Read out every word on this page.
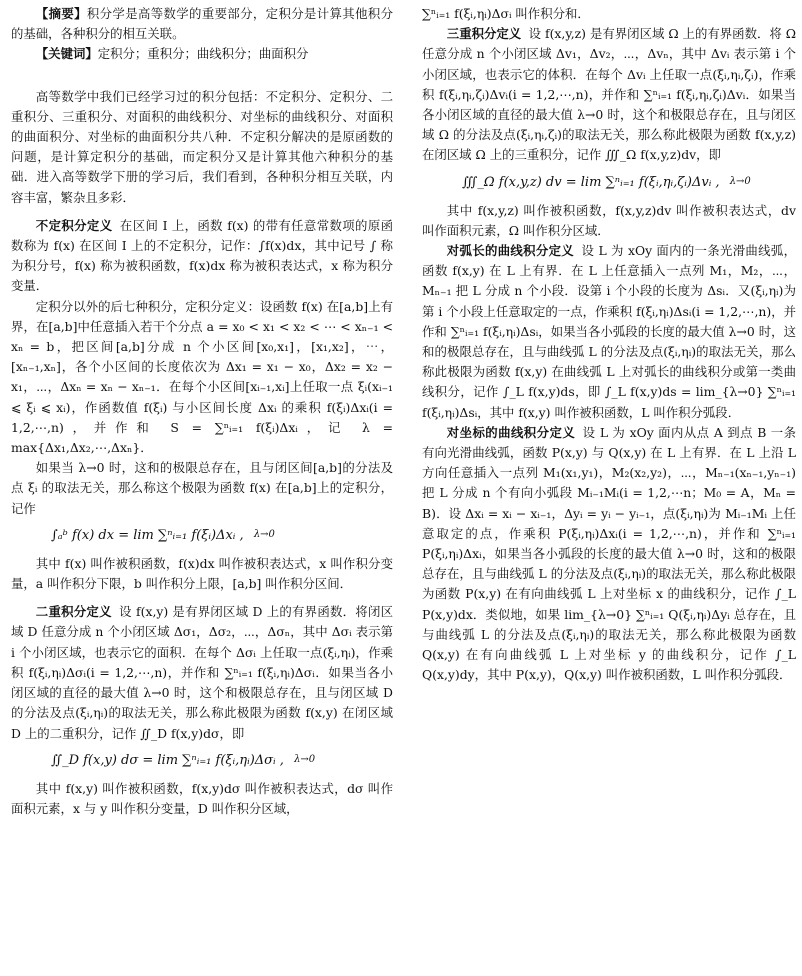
【摘要】积分学是高等数学的重要部分，定积分是计算其他积分的基础，各种积分的相互关联。

【关键词】定积分；重积分；曲线积分；曲面积分

高等数学中我们已经学习过的积分包括：不定积分、定积分、二重积分、三重积分、对面积的曲线积分、对坐标的曲线积分、对面积的曲面积分、对坐标的曲面积分共八种．不定积分解决的是原函数的问题，是计算定积分的基础，而定积分又是计算其他六种积分的基础．进入高等数学下册的学习后，我们看到，各种积分相互关联，内容丰富，繁杂且多彩．

不定积分定义 在区间 I 上，函数 f(x) 的带有任意常数项的原函数称为 f(x) 在区间 I 上的不定积分，记作：∫f(x)dx，其中记号 ∫ 称为积分号，f(x) 称为被积函数，f(x)dx 称为被积表达式，x 称为积分变量．

定积分以外的后七种积分，定积分定义：设函数 f(x) 在[a,b]上有界，在[a,b]中任意插入若干个分点 a = x₀ < x₁ < x₂ < ⋯ < xₙ₋₁ < xₙ = b，把区间[a,b]分成 n 个小区间[x₀,x₁]，[x₁,x₂]，⋯，[xₙ₋₁,xₙ]，各个小区间的长度依次为 Δx₁ = x₁ − x₀，Δx₂ = x₂ − x₁，⋯，Δxₙ = xₙ − xₙ₋₁．在每个小区间[xᵢ₋₁,xᵢ]上任取一点 ξᵢ(xᵢ₋₁ ⩽ ξᵢ ⩽ xᵢ)，作函数值 f(ξᵢ) 与小区间长度 Δxᵢ 的乘积 f(ξᵢ)Δxᵢ(i = 1,2,⋯,n)，并作和 S = ∑ⁿᵢ₌₁ f(ξᵢ)Δxᵢ，记 λ = max{Δx₁,Δx₂,⋯,Δxₙ}．

如果当 λ→0 时，这和的极限总存在，且与闭区间[a,b]的分法及点 ξᵢ 的取法无关，那么称这个极限为函数 f(x) 在[a,b]上的定积分，记作

∫ₐᵇ f(x) dx = lim ∑ⁿᵢ₌₁ f(ξᵢ)Δxᵢ , λ→0

其中 f(x) 叫作被积函数，f(x)dx 叫作被积表达式，x 叫作积分变量，a 叫作积分下限，b 叫作积分上限，[a,b] 叫作积分区间．

二重积分定义 设 f(x,y) 是有界闭区域 D 上的有界函数．将闭区域 D 任意分成 n 个小闭区域 Δσ₁，Δσ₂，⋯，Δσₙ，其中 Δσᵢ 表示第 i 个小闭区域，也表示它的面积．在每个 Δσᵢ 上任取一点(ξᵢ,ηᵢ)，作乘积 f(ξᵢ,ηᵢ)Δσᵢ(i = 1,2,⋯,n)，并作和 ∑ⁿᵢ₌₁ f(ξᵢ,ηᵢ)Δσᵢ．如果当各小闭区域的直径的最大值 λ→0 时，这个和极限总存在，且与闭区域 D 的分法及点(ξᵢ,ηᵢ)的取法无关，那么称此极限为函数 f(x,y) 在闭区域 D 上的二重积分，记作 ∬_D f(x,y)dσ，即

∬_D f(x,y) dσ = lim ∑ⁿᵢ₌₁ f(ξᵢ,ηᵢ)Δσᵢ , λ→0

其中 f(x,y) 叫作被积函数，f(x,y)dσ 叫作被积表达式，dσ 叫作面积元素，x 与 y 叫作积分变量，D 叫作积分区域，

∑ⁿᵢ₌₁ f(ξᵢ,ηᵢ)Δσᵢ 叫作积分和．

三重积分定义 设 f(x,y,z) 是有界闭区域 Ω 上的有界函数．将 Ω 任意分成 n 个小闭区域 Δv₁，Δv₂，⋯，Δvₙ，其中 Δvᵢ 表示第 i 个小闭区域，也表示它的体积．在每个 Δvᵢ 上任取一点(ξᵢ,ηᵢ,ζᵢ)，作乘积 f(ξᵢ,ηᵢ,ζᵢ)Δvᵢ(i = 1,2,⋯,n)，并作和 ∑ⁿᵢ₌₁ f(ξᵢ,ηᵢ,ζᵢ)Δvᵢ．如果当各小闭区域的直径的最大值 λ→0 时，这个和极限总存在，且与闭区域 Ω 的分法及点(ξᵢ,ηᵢ,ζᵢ)的取法无关，那么称此极限为函数 f(x,y,z) 在闭区域 Ω 上的三重积分，记作 ∭_Ω f(x,y,z)dv，即

∭_Ω f(x,y,z) dv = lim ∑ⁿᵢ₌₁ f(ξᵢ,ηᵢ,ζᵢ)Δvᵢ , λ→0

其中 f(x,y,z) 叫作被积函数，f(x,y,z)dv 叫作被积表达式，dv 叫作面积元素，Ω 叫作积分区域．

对弧长的曲线积分定义 设 L 为 xOy 面内的一条光滑曲线弧，函数 f(x,y) 在 L 上有界．在 L 上任意插入一点列 M₁，M₂，⋯，Mₙ₋₁ 把 L 分成 n 个小段．设第 i 个小段的长度为 Δsᵢ．又(ξᵢ,ηᵢ)为第 i 个小段上任意取定的一点，作乘积 f(ξᵢ,ηᵢ)Δsᵢ(i = 1,2,⋯,n)，并作和 ∑ⁿᵢ₌₁ f(ξᵢ,ηᵢ)Δsᵢ，如果当各小弧段的长度的最大值 λ→0 时，这和的极限总存在，且与曲线弧 L 的分法及点(ξᵢ,ηᵢ)的取法无关，那么称此极限为函数 f(x,y) 在曲线弧 L 上对弧长的曲线积分或第一类曲线积分，记作 ∫_L f(x,y)ds，即 ∫_L f(x,y)ds = lim_{λ→0} ∑ⁿᵢ₌₁ f(ξᵢ,ηᵢ)Δsᵢ，其中 f(x,y) 叫作被积函数，L 叫作积分弧段．

对坐标的曲线积分定义 设 L 为 xOy 面内从点 A 到点 B 一条有向光滑曲线弧，函数 P(x,y) 与 Q(x,y) 在 L 上有界．在 L 上沿 L 方向任意插入一点列 M₁(x₁,y₁)，M₂(x₂,y₂)，⋯，Mₙ₋₁(xₙ₋₁,yₙ₋₁) 把 L 分成 n 个有向小弧段 Mᵢ₋₁Mᵢ(i = 1,2,⋯n；M₀ = A，Mₙ = B)．设 Δxᵢ = xᵢ − xᵢ₋₁，Δyᵢ = yᵢ − yᵢ₋₁，点(ξᵢ,ηᵢ)为 Mᵢ₋₁Mᵢ 上任意取定的点，作乘积 P(ξᵢ,ηᵢ)Δxᵢ(i = 1,2,⋯,n)，并作和 ∑ⁿᵢ₌₁ P(ξᵢ,ηᵢ)Δxᵢ，如果当各小弧段的长度的最大值 λ→0 时，这和的极限总存在，且与曲线弧 L 的分法及点(ξᵢ,ηᵢ)的取法无关，那么称此极限为函数 P(x,y) 在有向曲线弧 L 上对坐标 x 的曲线积分，记作 ∫_L P(x,y)dx．类似地，如果 lim_{λ→0} ∑ⁿᵢ₌₁ Q(ξᵢ,ηᵢ)Δyᵢ 总存在，且与曲线弧 L 的分法及点(ξᵢ,ηᵢ)的取法无关，那么称此极限为函数 Q(x,y) 在有向曲线弧 L 上对坐标 y 的曲线积分，记作 ∫_L Q(x,y)dy，其中 P(x,y)，Q(x,y) 叫作被积函数，L 叫作积分弧段．
